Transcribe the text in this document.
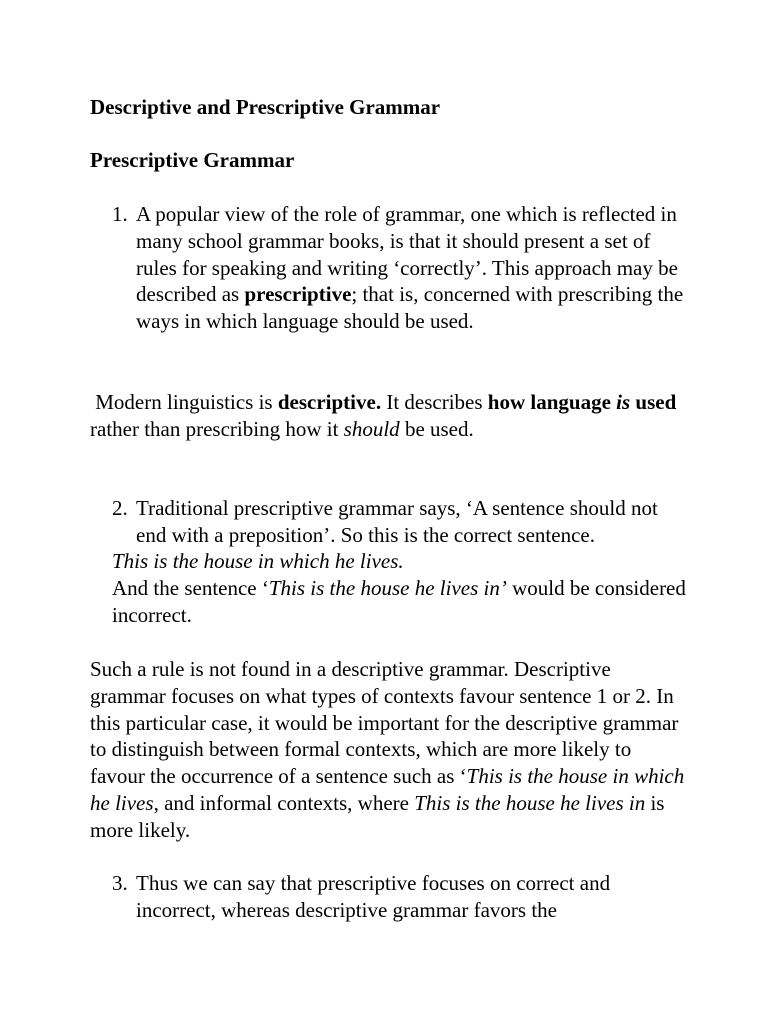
Descriptive and Prescriptive Grammar
Prescriptive Grammar
1. A popular view of the role of grammar, one which is reflected in many school grammar books, is that it should present a set of rules for speaking and writing ‘correctly’. This approach may be described as prescriptive; that is, concerned with prescribing the ways in which language should be used.
Modern linguistics is descriptive. It describes how language is used rather than prescribing how it should be used.
2. Traditional prescriptive grammar says, ‘A sentence should not end with a preposition’. So this is the correct sentence.
This is the house in which he lives.
And the sentence ‘This is the house he lives in’ would be considered incorrect.
Such a rule is not found in a descriptive grammar. Descriptive grammar focuses on what types of contexts favour sentence 1 or 2. In this particular case, it would be important for the descriptive grammar to distinguish between formal contexts, which are more likely to favour the occurrence of a sentence such as ‘This is the house in which he lives, and informal contexts, where This is the house he lives in is more likely.
3. Thus we can say that prescriptive focuses on correct and incorrect, whereas descriptive grammar favors the
